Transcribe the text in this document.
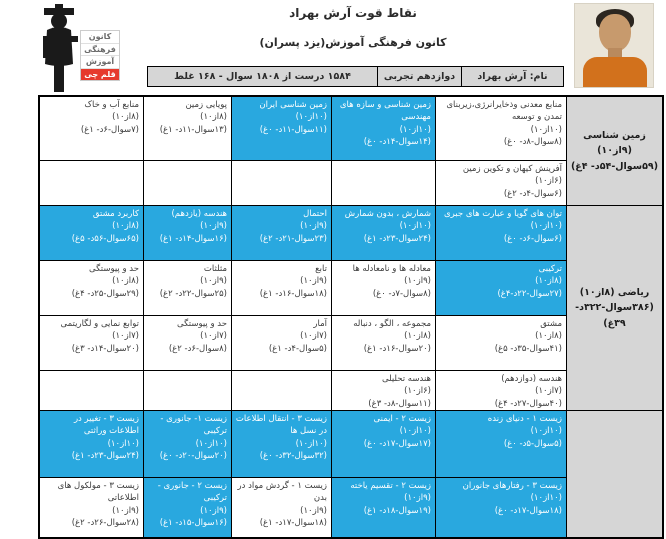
کانون
فرهنگی
آموزش
قلم چی
نقاط قوت آرش بهراد
کانون فرهنگی آموزش(یزد پسران)
نام: آرش بهراد
دوازدهم تجربی
۱۵۸۴ درست از ۱۸۰۸ سوال - ۱۶۸ غلط
زمین شناسی (۹از۱۰)
(۵۹سوال-۵۴د- ۴غ)
ریاضی (۸از۱۰)
(۳۸۶سوال-۳۲۲د- ۳۹غ)
منابع معدنی وذخایرانرژی،زیربنای تمدن و توسعه
(۱۰از۱۰)
(۸سوال-۸د- ۰غ)
زمین شناسی و سازه های مهندسی
(۱۰از۱۰)
(۱۴سوال-۱۴د- ۰غ)
زمین شناسی ایران
(۱۰از۱۰)
(۱۱سوال-۱۱د- ۰غ)
پویایی زمین
(۸از۱۰)
(۱۳سوال-۱۱د- ۱غ)
منابع آب و خاک
(۸از۱۰)
(۷سوال-۶د- ۱غ)
آفرینش کیهان و تکوین زمین
(۶از۱۰)
(۶سوال-۴د- ۲غ)
توان های گویا و عبارت های جبری
(۱۰از۱۰)
(۶سوال-۶د- ۰غ)
شمارش ، بدون شمارش
(۱۰از۱۰)
(۲۴سوال-۲۳د- ۱غ)
احتمال
(۹از۱۰)
(۲۳سوال-۲۱د- ۲غ)
هندسه (یازدهم)
(۹از۱۰)
(۱۶سوال-۱۴د- ۱غ)
کاربرد مشتق
(۸از۱۰)
(۶۵سوال-۵۶د- ۵غ)
ترکیبی
(۸از۱۰)
(۲۷سوال-۲۲د-۴غ)
معادله ها و نامعادله ها
(۹از۱۰)
(۸سوال-۷د- ۰غ)
تابع
(۹از۱۰)
(۱۸سوال-۱۶د- ۱غ)
مثلثات
(۹از۱۰)
(۲۵سوال-۲۲د- ۲غ)
حد و پیوستگی
(۸از۱۰)
(۲۹سوال-۲۵د- ۴غ)
مشتق
(۸از۱۰)
(۴۱سوال-۳۵د- ۵غ)
مجموعه ، الگو ، دنباله
(۸از۱۰)
(۲۰سوال-۱۶د- ۱غ)
آمار
(۷از۱۰)
(۵سوال-۴د- ۱غ)
حد و پیوستگی
(۷از۱۰)
(۸سوال-۶د- ۲غ)
توابع نمایی و لگاریتمی
(۷از۱۰)
(۲۰سوال-۱۴د- ۳غ)
هندسه (دوازدهم)
(۷از۱۰)
(۴۰سوال-۲۷د- ۴غ)
هندسه تحلیلی
(۶از۱۰)
(۱۱سوال-۸د- ۳غ)
زیست ۱ - دنیای زنده
(۱۰از۱۰)
(۵سوال-۵د- ۰غ)
زیست ۲ - ایمنی
(۱۰از۱۰)
(۱۷سوال-۱۷د- ۰غ)
زیست ۳ - انتقال اطلاعات در نسل ها
(۱۰از۱۰)
(۳۲سوال-۳۲د- ۰غ)
زیست ۱- جانوری - ترکیبی
(۱۰از۱۰)
(۲۰سوال-۲۰د- ۰غ)
زیست ۳ - تغییر در اطلاعات وراثتی
(۱۰از۱۰)
(۲۴سوال-۲۳د- ۱غ)
زیست ۳ - رفتارهای جانوران
(۱۰از۱۰)
(۱۸سوال-۱۷د- ۰غ)
زیست ۲ - تقسیم یاخته
(۹از۱۰)
(۱۹سوال-۱۸د- ۱غ)
زیست ۱ - گردش مواد در بدن
(۹از۱۰)
(۱۸سوال-۱۷د- ۱غ)
زیست ۲ - جانوری - ترکیبی
(۹از۱۰)
(۱۶سوال-۱۵د- ۱غ)
زیست ۳ - مولکول های اطلاعاتی
(۹از۱۰)
(۲۸سوال-۲۶د- ۲غ)
